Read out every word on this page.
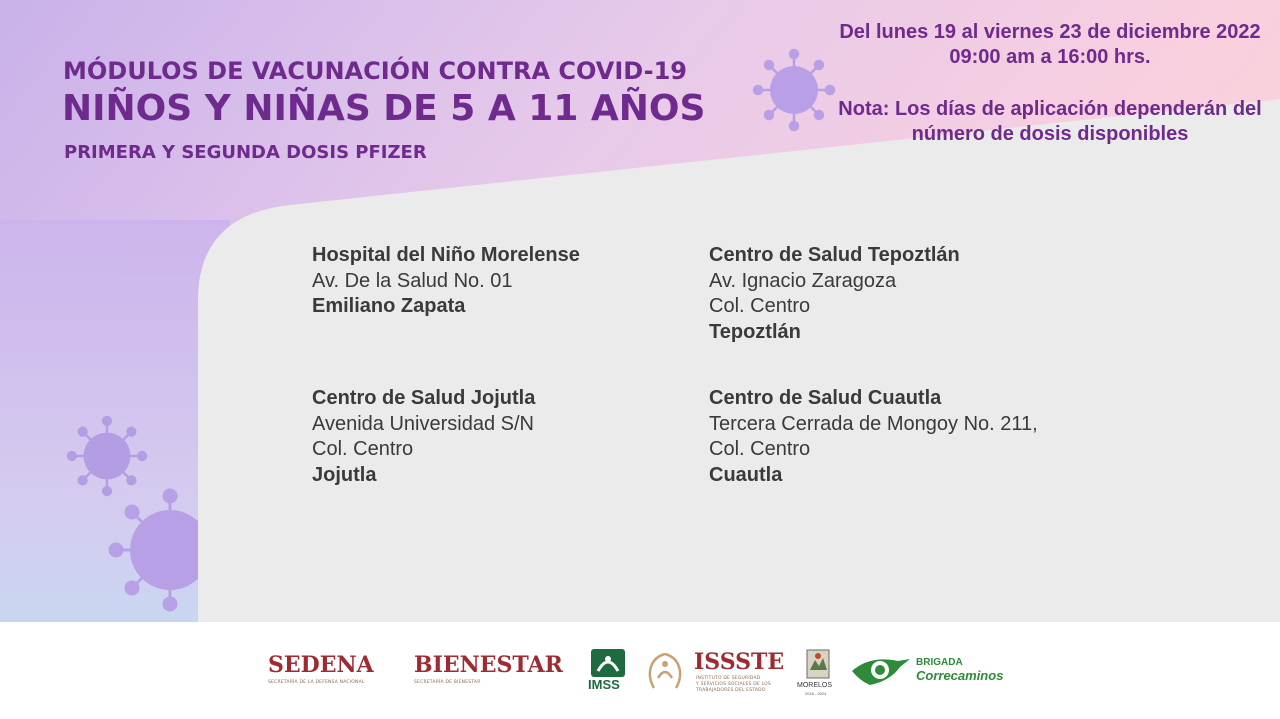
MÓDULOS DE VACUNACIÓN CONTRA COVID-19
NIÑOS Y NIÑAS DE 5 A 11 AÑOS
PRIMERA Y SEGUNDA DOSIS PFIZER
Del lunes 19 al viernes 23 de diciembre 2022
09:00 am a 16:00 hrs.
Nota: Los días de aplicación dependerán del
número de dosis disponibles
Hospital del Niño Morelense
Av. De la Salud No. 01
Emiliano Zapata
Centro de Salud Tepoztlán
Av. Ignacio Zaragoza
Col. Centro
Tepoztlán
Centro de Salud Jojutla
Avenida Universidad S/N
Col. Centro
Jojutla
Centro de Salud Cuautla
Tercera Cerrada de Mongoy No. 211,
Col. Centro
Cuautla
SEDENA
SECRETARÍA DE LA DEFENSA NACIONAL
BIENESTAR
SECRETARÍA DE BIENESTAR	IMSS
ISSSTE
INSTITUTO DE SEGURIDAD
Y SERVICIOS SOCIALES DE LOS
TRABAJADORES DEL ESTADO
MORELOS
2018 - 2024
BRIGADA
Correcaminos
